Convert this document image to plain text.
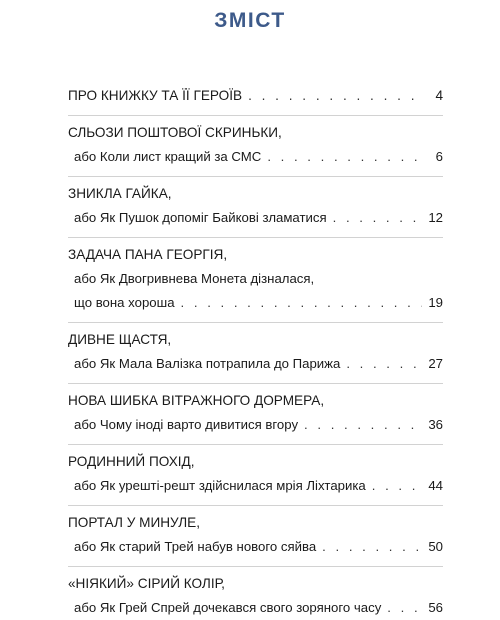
ЗМІСТ
ПРО КНИЖКУ ТА ЇЇ ГЕРОЇВ . . .	4
СЛЬОЗИ ПОШТОВОЇ СКРИНЬКИ,
або Коли лист кращий за СМС . . .	6
ЗНИКЛА ГАЙКА,
або Як Пушок допоміг Байкові зламатися . . .	12
ЗАДАЧА ПАНА ГЕОРГІЯ,
або Як Двогривнева Монета дізналася,
що вона хороша . . .	19
ДИВНЕ ЩАСТЯ,
або Як Мала Валізка потрапила до Парижа . . .	27
НОВА ШИБКА ВІТРАЖНОГО ДОРМЕРА,
або Чому іноді варто дивитися вгору . . .	36
РОДИННИЙ ПОХІД,
або Як урешті-решт здійснилася мрія Ліхтарика . . .	44
ПОРТАЛ У МИНУЛЕ,
або Як старий Трей набув нового сяйва . . .	50
«НІЯКИЙ» СІРИЙ КОЛІР,
або Як Грей Спрей дочекався свого зоряного часу . . .	56
